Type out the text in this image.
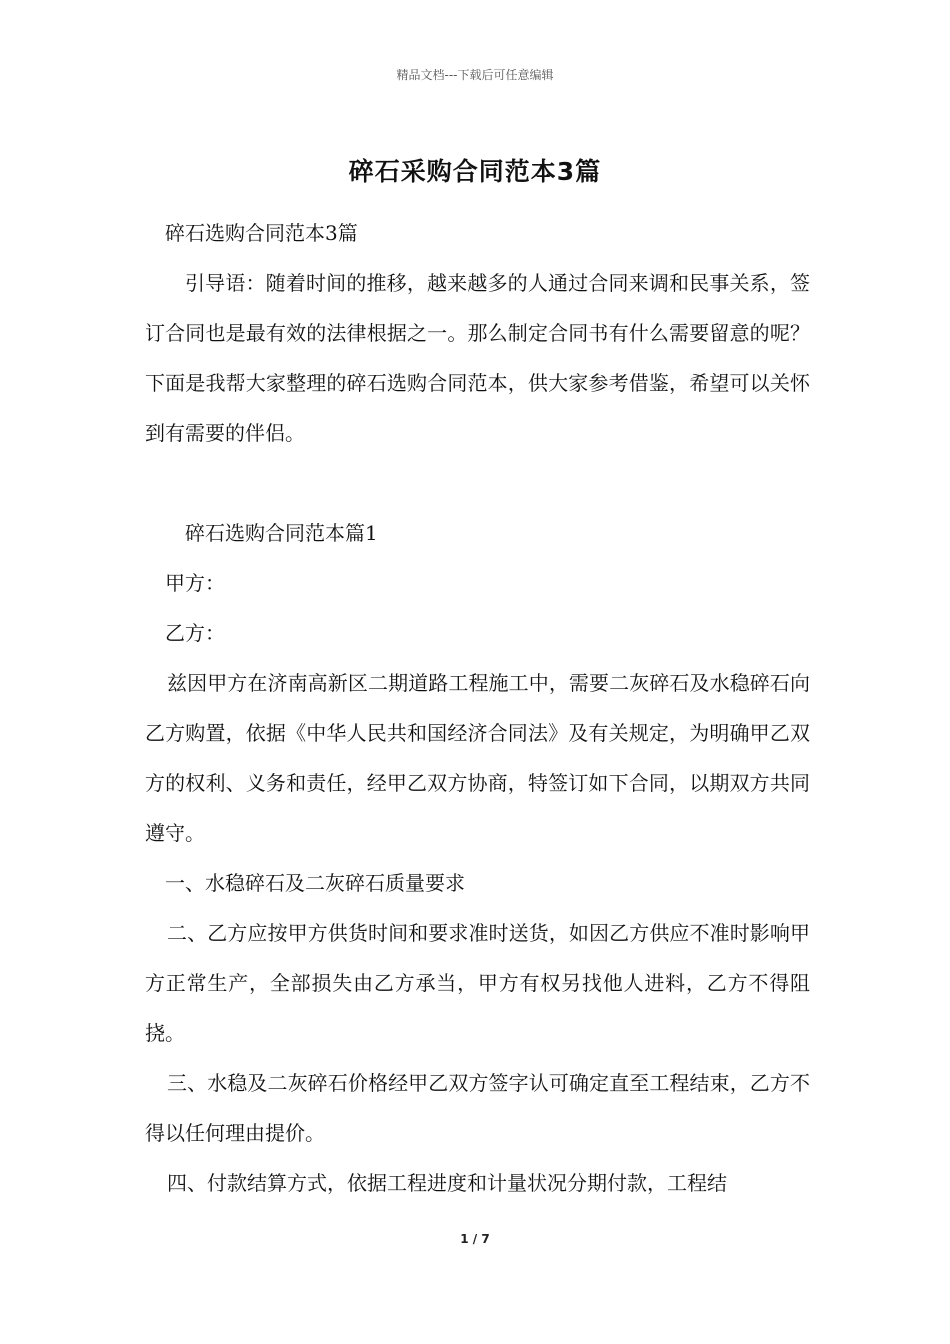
精品文档---下载后可任意编辑
碎石采购合同范本3篇

碎石选购合同范本3篇

引导语：随着时间的推移，越来越多的人通过合同来调和民事关系，签订合同也是最有效的法律根据之一。那么制定合同书有什么需要留意的呢？下面是我帮大家整理的碎石选购合同范本，供大家参考借鉴，希望可以关怀到有需要的伴侣。

碎石选购合同范本篇1

甲方：

乙方：

兹因甲方在济南高新区二期道路工程施工中，需要二灰碎石及水稳碎石向乙方购置，依据《中华人民共和国经济合同法》及有关规定，为明确甲乙双方的权利、义务和责任，经甲乙双方协商，特签订如下合同，以期双方共同遵守。

一、水稳碎石及二灰碎石质量要求

二、乙方应按甲方供货时间和要求准时送货，如因乙方供应不准时影响甲方正常生产，全部损失由乙方承当，甲方有权另找他人进料，乙方不得阻挠。

三、水稳及二灰碎石价格经甲乙双方签字认可确定直至工程结束，乙方不得以任何理由提价。

四、付款结算方式，依据工程进度和计量状况分期付款，工程结

1 / 7
